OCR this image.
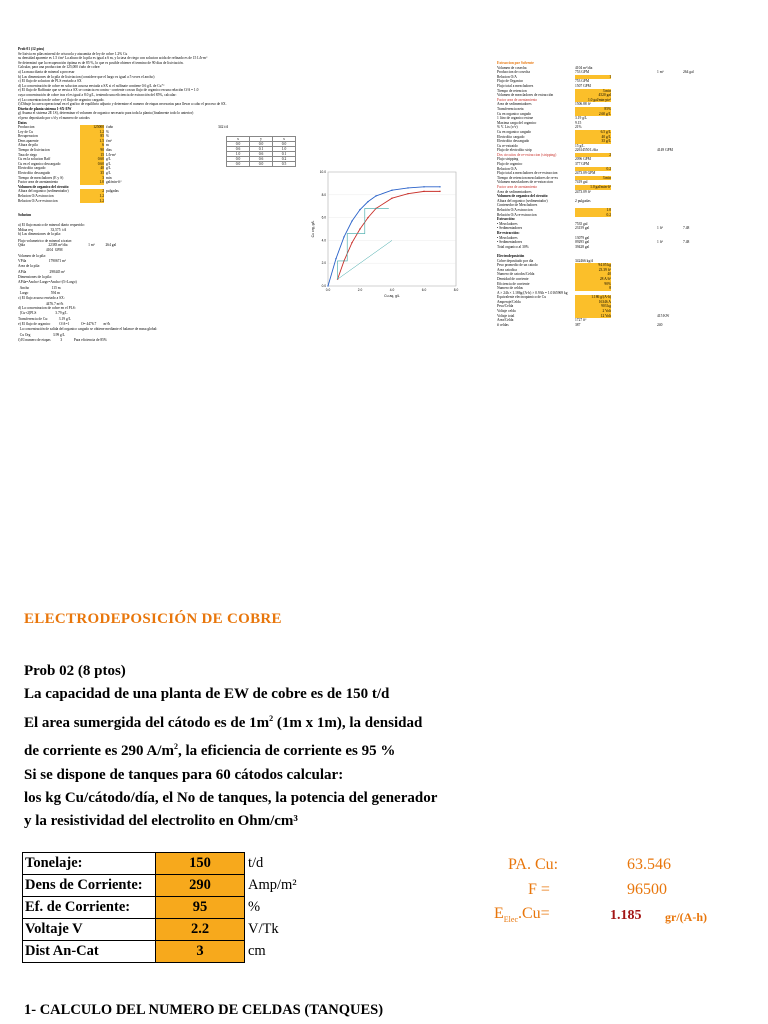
Prob 01 (12 ptos)
Se lixivia en pilas mineral de crisocola y atacamita de ley de cobre 1.2% Cu
su densidad aparente es 1.5 t/m³ La altura de la pila es igual a 6 m, y la tasa de riego con solucion acida de refinado es de 15 L/h-m²
Se determinó que la recuperación óptima es de 85 %, lo que es posible obtener el termino de 90 dias de lixiviación.
Calcular, para una produccion de 125,000 t/año de cobre:
a) La masa diaria de mineral a procesar
b) Las dimensiones de la pila de lixiviacion (considere que el largo es igual a 5 veces el ancho)
c) El flujo de solucion de PLS enviado a SX
d) La concentración de cobre en solucion acuosa enviada a SX si el raffinate contiene 0.6 g/L de Cu⁺²
e) El flujo de Raffinate que se envia a SX se contacta en contra - corriente con un flujo de organico en una relación O/A = 1.0
cuya concentración de cobre tras el es igual a 8.0 g/L, teniendo una eficiencia de extracción del 85%, calcular:
e) La concentracion de cobre y el flujo de organico cargado.
f) Dibuje la curva operacional en el grafico de equilibrio adjunto y determine el numero de etapas necesarias para llevar a cabo el proceso de SX.
Diseño de planta sistema 1-SX-EW
g) Asuma el sistema 2E 1S), determinar el volumen de organico necesario para toda la planta (finalmente todo lo anterior)
el peso depositado por c/d y el numero de catodos
Datos
Produccion	125000 t/año	342 t/d
Ley de Cu	1.2 %
Recuperacion	85 %
Dens aparente	1.5 t/m³
Altura de pila	6 m
Tiempo de lixiviacion	90 dias
Tasa de riego	15 L/h-m²
Cu en la solucion Raff	0.60 g/L
Cu en el organico descargado	0.60 g/L
Electrolito cargado	40 g/L
Electrolito descargado	35 g/L
Tiempo de mezcladores (E y S)	3 min
Factor area de asentamiento	1.0 gal/min-ft²
Volumen de organico del circuito
Altura del organico (sedimentador)	2 pulgadas
Relacion O/A extraccion	1.2
Relacion O/A re-extraccion	1.2
Solucion
a) El flujo masico de mineral diario requerido:
Mdiaa req                    33,575  t/d
b) Las dimensiones de la pila:
Flujo volumetrico de mineral a tratar:
Qdia                          22383 m³/dia                       1 m³            264 gal
4104  GPM
Volumen de la pila:
VPila                         1790671 m³
Area de la pila:
APila                          298445 m²
Dimensiones de la pila:
APila=Ancho×Largo=Ancho×(5×Largo)
Ancho                         115 m
Largo                         594 m
c) El flujo acuoso enviado a SX:
4476.7 m³/h
d) La concentracion de cobre en el PLS:
[Cu+2]PLS                     3.79 g/L
Transferencia de Cu:            3.19 g/L
e) El flujo de organico          O/A=1             O= 4476.7        m³/h
La concentración de salida del organico cargado se obtiene mediante el balance de masa global:
Cu Org                         3.99 g/L
f) El numero de etapas           3             Para eficiencia de 85%
x	y	x
0.0	0.0	0.0
0.6	0.1	1.0
1.0	0.6	0.1
0.0	0.6	0.2
0.0	0.0	0.5
0.0	2.0	4.0	6.0	8.0
0.0
2.0
4.0
6.0
8.0
10.0
Cu aq, g/L
Cu org, g/L
Extraccion por Solvente
Volumen de cosecha	4104 m³/dia
Produccion de cosecha	753 GPM	1 m³	264 gal
Relacion O/A	1
Flujo de Organico	753 GPM
Flujo total a mezcladores	1507 GPM
Tiempo de retencion	3 min
Volumen de mezcladores de extracción	4520 gal
Factor area de asentamiento	1.0 gal/min-pie²
Area de sedimentadores	1506.88 ft²
Transferencia neta	85%
Cu en organico cargado	2.60 g/L
1 litro de organico extrae	3.19 g/L
Maxima carga del organico	9.15
% V. Lix (v/v)	21%
Cu en organico cargado	6.5 g/L
Electrolito cargado	40 g/L
Electrolito descargado	35 g/L
Cu re-extraido	15 g/L
Flujo de electrolito strip	22614550 L/dia	4149 GPM
Dos circuitos de re-extraccion (stripping)	2
Flujo stripping	2096 GPM
Flujo de organico	377 GPM
Relacion O/A	0.2
Flujo total a mezcladores de re-extraccion	2473.09 GPM
Tiempo de retencion mezcladores de re-ex	3 min
Volumen mezcladores de re-extraccion	7419 gal
Factor area de asentamiento	1.0 gal/min-ft²
Area de sedimentadores	2473.09 ft²
Volumen de organico del circuito
Altura del organico (sedimentador)	2 pulgadas
Contenedor de Mezcladores
Relación O/A extraccion	1.0
Relación O/A re-extraccion	0.2
Extracción:
• Mezcladores	7535 gal
• Sedimentadores	23159 gal	1 ft³	7.48
Re-extracción:
• Mezcladores	13079 gal
• Sedimentadores	09295 gal	1 ft³	7.48
Total organico al 30%	39428 gal
Electrodeposición
Cobre depositado por dia	342466 kg/d
Peso promedio de un catodo	94.05 kg
Area catodica	23.39 ft²
Numero de catodos/Celda	40
Densidad de corriente	28 A/ft²
Eficiencia de corriente	90%
Numero de celdas	8
A × 24h × 1.186g/(A-h) × 0.9Ah = 1.0165969 kg
Equivalente electroquimico de Cu	1.186 g/(A-h)
Amperaje/Celda	16346 A
Peso/Celda	903 kg
Voltaje celda	2 Volt
Voltaje total	12 Volt	415 KW
Area/Celda	1727 ft²
# celdas	387	240
ELECTRODEPOSICIÓN DE COBRE
Prob 02 (8 ptos)
La capacidad de una planta de EW de cobre es de 150 t/d
El area sumergida del cátodo es de $1m^2$ (1m x 1m), la densidad
de corriente es 290 $A/m^2$, la eficiencia de corriente es 95 %
Si se dispone de tanques para 60 cátodos calcular:
los kg Cu/cátodo/día, el No de tanques, la potencia del generador
y la resistividad del electrolito en Ohm/cm³
Tonelaje:	150	t/d
Dens de Corriente:	290	Amp/m²
Ef. de Corriente:	95	%
Voltaje V	2.2	V/Tk
Dist An-Cat	3	cm
PA. Cu:	63.546
F =	96500
$E_{Elec}.Cu=$	1.185 gr/(A-h)
1- CALCULO DEL NUMERO DE CELDAS (TANQUES)
